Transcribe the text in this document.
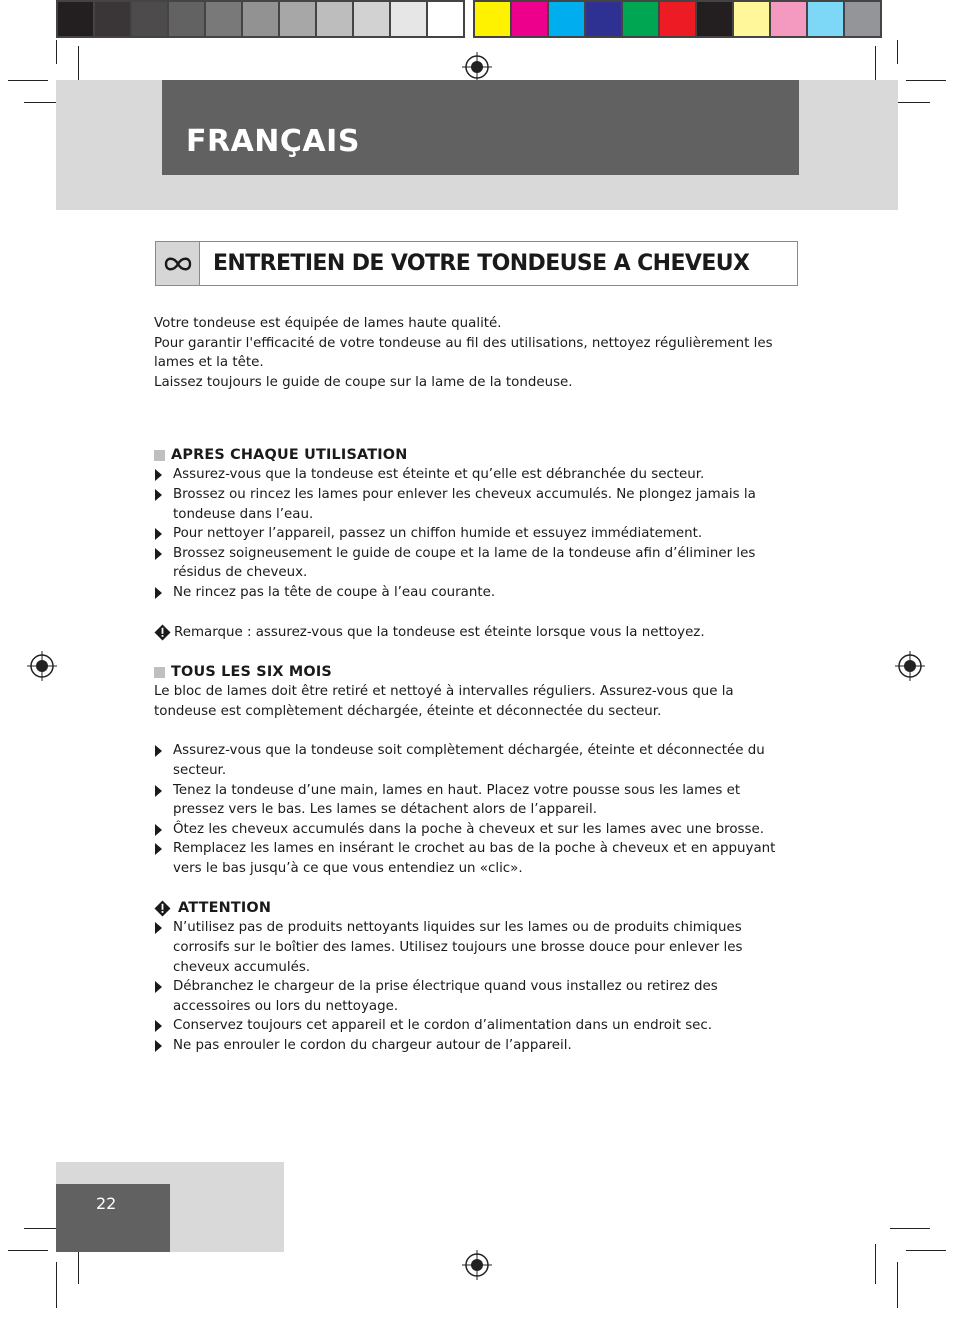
FRANÇAIS
ENTRETIEN DE VOTRE TONDEUSE A CHEVEUX

Votre tondeuse est équipée de lames haute qualité.

Pour garantir l'efficacité de votre tondeuse au fil des utilisations, nettoyez régulièrement les lames et la tête.

Laissez toujours le guide de coupe sur la lame de la tondeuse.

APRES CHAQUE UTILISATION

Assurez-vous que la tondeuse est éteinte et qu’elle est débranchée du secteur.
Brossez ou rincez les lames pour enlever les cheveux accumulés. Ne plongez jamais la tondeuse dans l’eau.
Pour nettoyer l’appareil, passez un chiffon humide et essuyez immédiatement.
Brossez soigneusement le guide de coupe et la lame de la tondeuse afin d’éliminer les résidus de cheveux.
Ne rincez pas la tête de coupe à l’eau courante.

Remarque : assurez-vous que la tondeuse est éteinte lorsque vous la nettoyez.

TOUS LES SIX MOIS

Le bloc de lames doit être retiré et nettoyé à intervalles réguliers. Assurez-vous que la tondeuse est complètement déchargée, éteinte et déconnectée du secteur.

Assurez-vous que la tondeuse soit complètement déchargée, éteinte et déconnectée du secteur.
Tenez la tondeuse d’une main, lames en haut. Placez votre pousse sous les lames et pressez vers le bas. Les lames se détachent alors de l’appareil.
Ôtez les cheveux accumulés dans la poche à cheveux et sur les lames avec une brosse.
Remplacez les lames en insérant le crochet au bas de la poche à cheveux et en appuyant vers le bas jusqu’à ce que vous entendiez un «clic».

ATTENTION

N’utilisez pas de produits nettoyants liquides sur les lames ou de produits chimiques corrosifs sur le boîtier des lames. Utilisez toujours une brosse douce pour enlever les cheveux accumulés.
Débranchez le chargeur de la prise électrique quand vous installez ou retirez des accessoires ou lors du nettoyage.
Conservez toujours cet appareil et le cordon d’alimentation dans un endroit sec.
Ne pas enrouler le cordon du chargeur autour de l’appareil.
22
